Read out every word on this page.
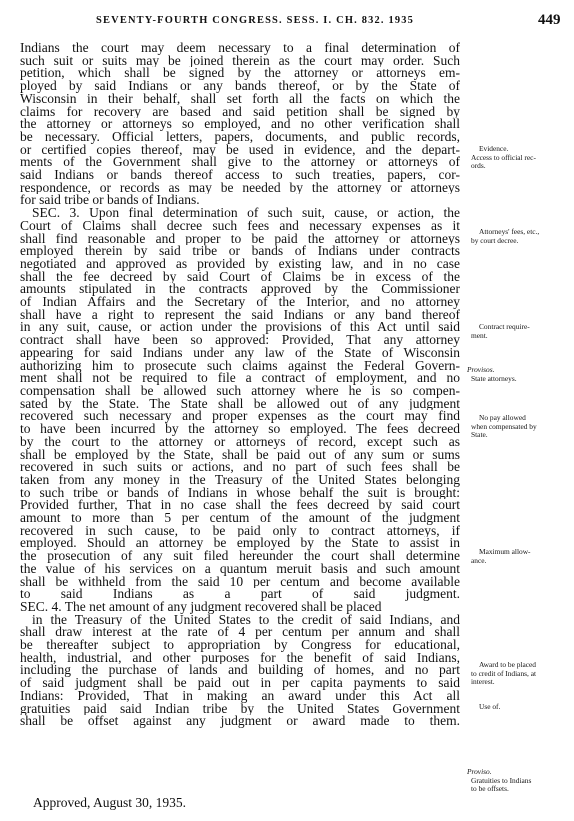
SEVENTY-FOURTH CONGRESS. SESS. I. CH. 832. 1935	449

Indians the court may deem necessary to a final determination of
such suit or suits may be joined therein as the court may order. Such
petition, which shall be signed by the attorney or attorneys em-
ployed by said Indians or any bands thereof, or by the State of
Wisconsin in their behalf, shall set forth all the facts on which the
claims for recovery are based and said petition shall be signed by
the attorney or attorneys so employed, and no other verification shall
be necessary. Official letters, papers, documents, and public records,
or certified copies thereof, may be used in evidence, and the depart-
ments of the Government shall give to the attorney or attorneys of
said Indians or bands thereof access to such treaties, papers, cor-
respondence, or records as may be needed by the attorney or attorneys
for said tribe or bands of Indians.
SEC. 3. Upon final determination of such suit, cause, or action, the
Court of Claims shall decree such fees and necessary expenses as it
shall find reasonable and proper to be paid the attorney or attorneys
employed therein by said tribe or bands of Indians under contracts
negotiated and approved as provided by existing law, and in no case
shall the fee decreed by said Court of Claims be in excess of the
amounts stipulated in the contracts approved by the Commissioner
of Indian Affairs and the Secretary of the Interior, and no attorney
shall have a right to represent the said Indians or any band thereof
in any suit, cause, or action under the provisions of this Act until said
contract shall have been so approved: Provided, That any attorney
appearing for said Indians under any law of the State of Wisconsin
authorizing him to prosecute such claims against the Federal Govern-
ment shall not be required to file a contract of employment, and no
compensation shall be allowed such attorney where he is so compen-
sated by the State. The State shall be allowed out of any judgment
recovered such necessary and proper expenses as the court may find
to have been incurred by the attorney so employed. The fees decreed
by the court to the attorney or attorneys of record, except such as
shall be employed by the State, shall be paid out of any sum or sums
recovered in such suits or actions, and no part of such fees shall be
taken from any money in the Treasury of the United States belonging
to such tribe or bands of Indians in whose behalf the suit is brought:
Provided further, That in no case shall the fees decreed by said court
amount to more than 5 per centum of the amount of the judgment
recovered in such cause, to be paid only to contract attorneys, if
employed. Should an attorney be employed by the State to assist in
the prosecution of any suit filed hereunder the court shall determine
the value of his services on a quantum meruit basis and such amount
shall be withheld from the said 10 per centum and become available
to said Indians as a part of said judgment.
SEC. 4. The net amount of any judgment recovered shall be placed
in the Treasury of the United States to the credit of said Indians, and
shall draw interest at the rate of 4 per centum per annum and shall
be thereafter subject to appropriation by Congress for educational,
health, industrial, and other purposes for the benefit of said Indians,
including the purchase of lands and building of homes, and no part
of said judgment shall be paid out in per capita payments to said
Indians: Provided, That in making an award under this Act all
gratuities paid said Indian tribe by the United States Government
shall be offset against any judgment or award made to them.

Evidence.
Access to official rec-
ords.
Attorneys' fees, etc.,
by court decree.
Contract require-
ment.
Provisos.
State attorneys.
No pay allowed
when compensated by
State.
Maximum allow-
ance.
Award to be placed
to credit of Indians, at
interest.
Use of.
Proviso.
Gratuities to Indians
to be offsets.
Approved, August 30, 1935.
